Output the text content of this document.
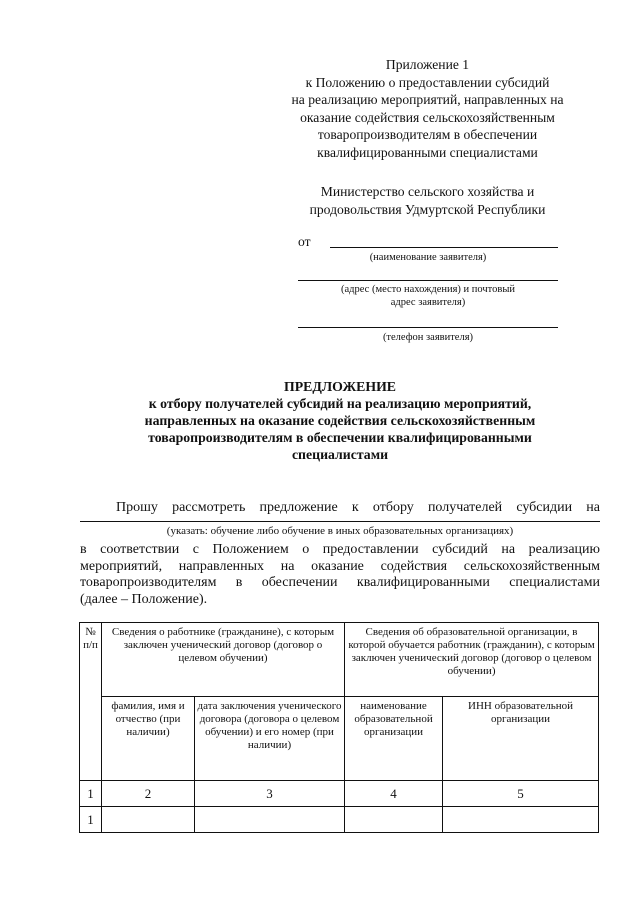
Приложение 1
к Положению о предоставлении субсидий
на реализацию мероприятий, направленных на
оказание содействия сельскохозяйственным
товаропроизводителям в обеспечении
квалифицированными специалистами
Министерство сельского хозяйства и
продовольствия Удмуртской Республики
от
(наименование заявителя)
(адрес (место нахождения) и почтовый
адрес заявителя)
(телефон заявителя)
ПРЕДЛОЖЕНИЕ
к отбору получателей субсидий на реализацию мероприятий,
направленных на оказание содействия сельскохозяйственным
товаропроизводителям в обеспечении квалифицированными
специалистами
Прошу рассмотреть предложение к отбору получателей субсидии на
(указать: обучение либо обучение в иных образовательных организациях)
в соответствии с Положением о предоставлении субсидий на реализацию
мероприятий, направленных на оказание содействия сельскохозяйственным
товаропроизводителям в обеспечении квалифицированными специалистами
(далее – Положение).
№ п/п	Сведения о работнике (гражданине), с которым заключен ученический договор (договор о целевом обучении)		Сведения об образовательной организации, в которой обучается работник (гражданин), с которым заключен ученический договор (договор о целевом обучении)	
	фамилия, имя и отчество (при наличии)	дата заключения ученического договора (договора о целевом обучении) и его номер (при наличии)	наименование образовательной организации	ИНН образовательной организации
1	2	3	4	5
1				
